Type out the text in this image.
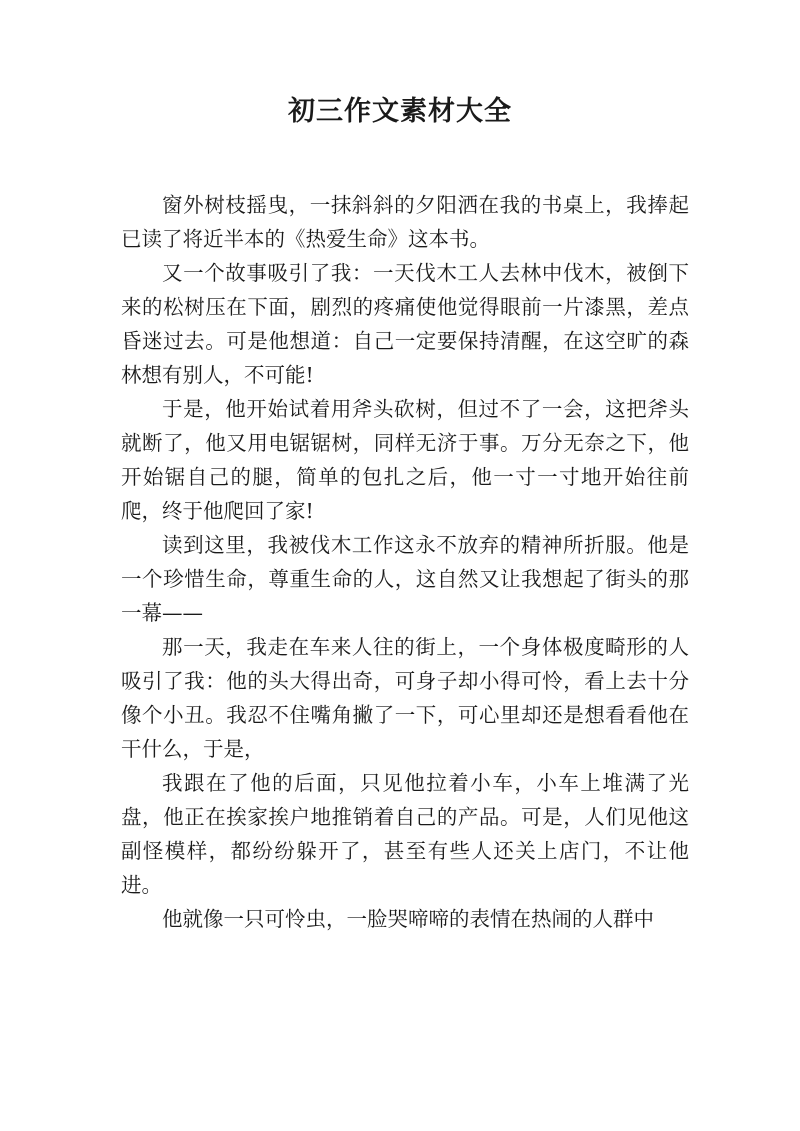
初三作文素材大全

窗外树枝摇曳，一抹斜斜的夕阳洒在我的书桌上，我捧起已读了将近半本的《热爱生命》这本书。

又一个故事吸引了我：一天伐木工人去林中伐木，被倒下来的松树压在下面，剧烈的疼痛使他觉得眼前一片漆黑，差点昏迷过去。可是他想道：自己一定要保持清醒，在这空旷的森林想有别人，不可能!

于是，他开始试着用斧头砍树，但过不了一会，这把斧头就断了，他又用电锯锯树，同样无济于事。万分无奈之下，他开始锯自己的腿，简单的包扎之后，他一寸一寸地开始往前爬，终于他爬回了家!

读到这里，我被伐木工作这永不放弃的精神所折服。他是一个珍惜生命，尊重生命的人，这自然又让我想起了街头的那一幕——

那一天，我走在车来人往的街上，一个身体极度畸形的人吸引了我：他的头大得出奇，可身子却小得可怜，看上去十分像个小丑。我忍不住嘴角撇了一下，可心里却还是想看看他在干什么，于是，

我跟在了他的后面，只见他拉着小车，小车上堆满了光盘，他正在挨家挨户地推销着自己的产品。可是，人们见他这副怪模样，都纷纷躲开了，甚至有些人还关上店门，不让他进。

他就像一只可怜虫，一脸哭啼啼的表情在热闹的人群中
